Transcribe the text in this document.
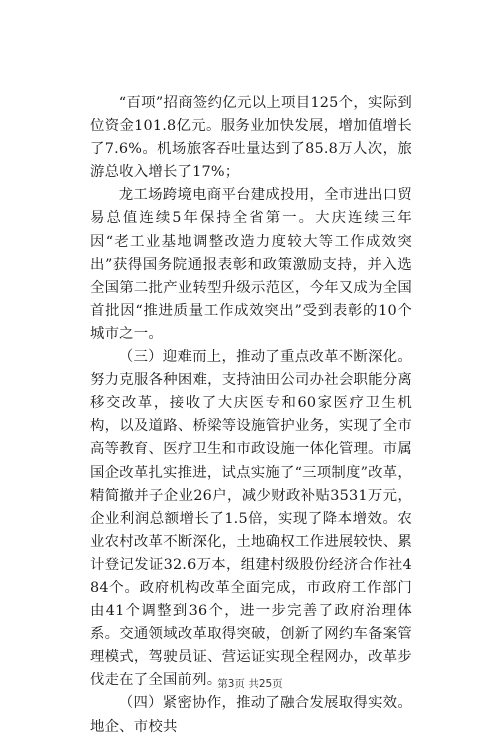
“百项”招商签约亿元以上项目125个，实际到位资金101.8亿元。服务业加快发展，增加值增长了7.6%。机场旅客吞吐量达到了85.8万人次，旅游总收入增长了17%；

龙工场跨境电商平台建成投用，全市进出口贸易总值连续5年保持全省第一。大庆连续三年因“老工业基地调整改造力度较大等工作成效突出”获得国务院通报表彰和政策激励支持，并入选全国第二批产业转型升级示范区，今年又成为全国首批因“推进质量工作成效突出”受到表彰的10个城市之一。

（三）迎难而上，推动了重点改革不断深化。努力克服各种困难，支持油田公司办社会职能分离移交改革，接收了大庆医专和60家医疗卫生机构，以及道路、桥梁等设施管护业务，实现了全市高等教育、医疗卫生和市政设施一体化管理。市属国企改革扎实推进，试点实施了“三项制度”改革，精简撤并子企业26户，减少财政补贴3531万元，企业利润总额增长了1.5倍，实现了降本增效。农业农村改革不断深化，土地确权工作进展较快、累计登记发证32.6万本，组建村级股份经济合作社484个。政府机构改革全面完成，市政府工作部门由41个调整到36个，进一步完善了政府治理体系。交通领域改革取得突破，创新了网约车备案管理模式，驾驶员证、营运证实现全程网办，改革步伐走在了全国前列。

（四）紧密协作，推动了融合发展取得实效。地企、市校共

第3页 共25页
